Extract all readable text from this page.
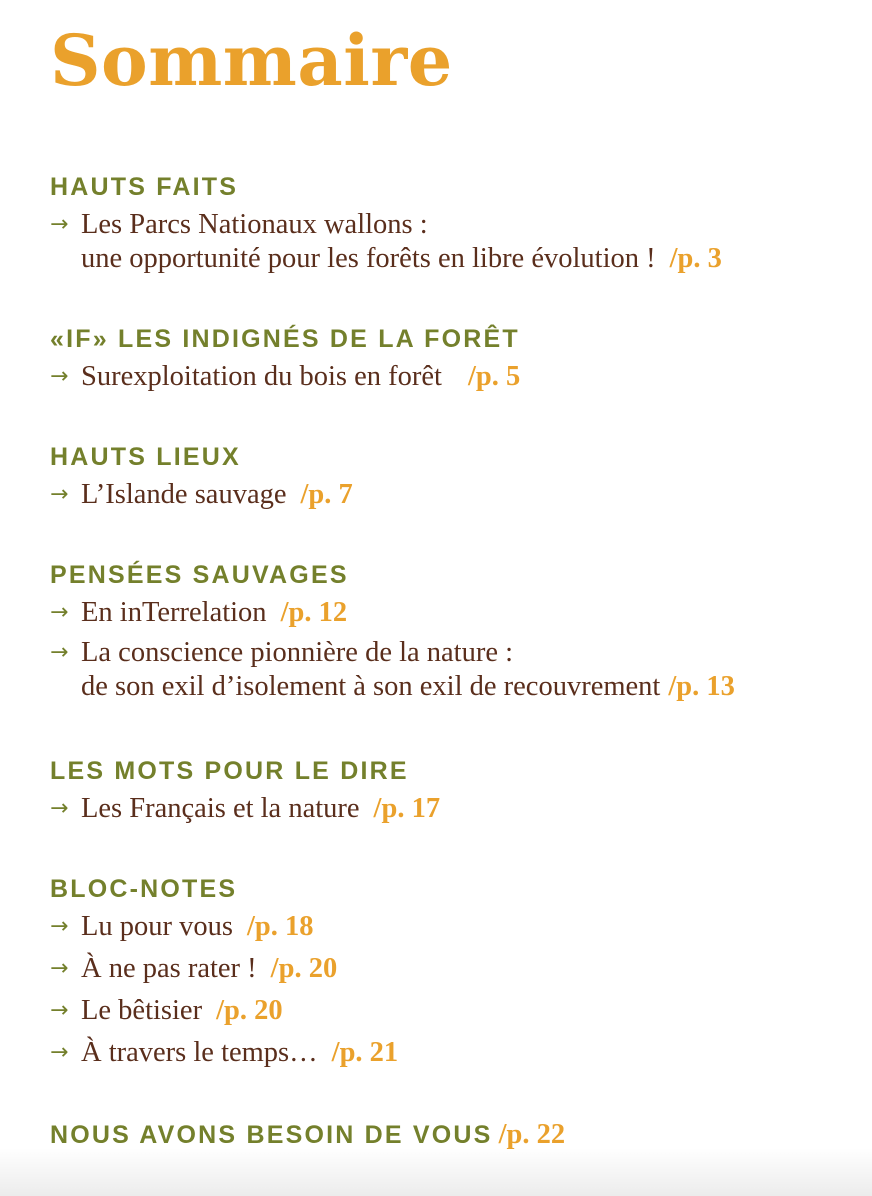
Sommaire
HAUTS FAITS
→ Les Parcs Nationaux wallons :
une opportunité pour les forêts en libre évolution ! /p. 3
«IF» LES INDIGNÉS DE LA FORÊT
→ Surexploitation du bois en forêt /p. 5
HAUTS LIEUX
→ L’Islande sauvage /p. 7
PENSÉES SAUVAGES
→ En inTerrelation /p. 12
→ La conscience pionnière de la nature :
de son exil d’isolement à son exil de recouvrement /p. 13
LES MOTS POUR LE DIRE
→ Les Français et la nature /p. 17
BLOC-NOTES
→ Lu pour vous /p. 18
→ À ne pas rater ! /p. 20
→ Le bêtisier /p. 20
→ À travers le temps… /p. 21
NOUS AVONS BESOIN DE VOUS /p. 22
